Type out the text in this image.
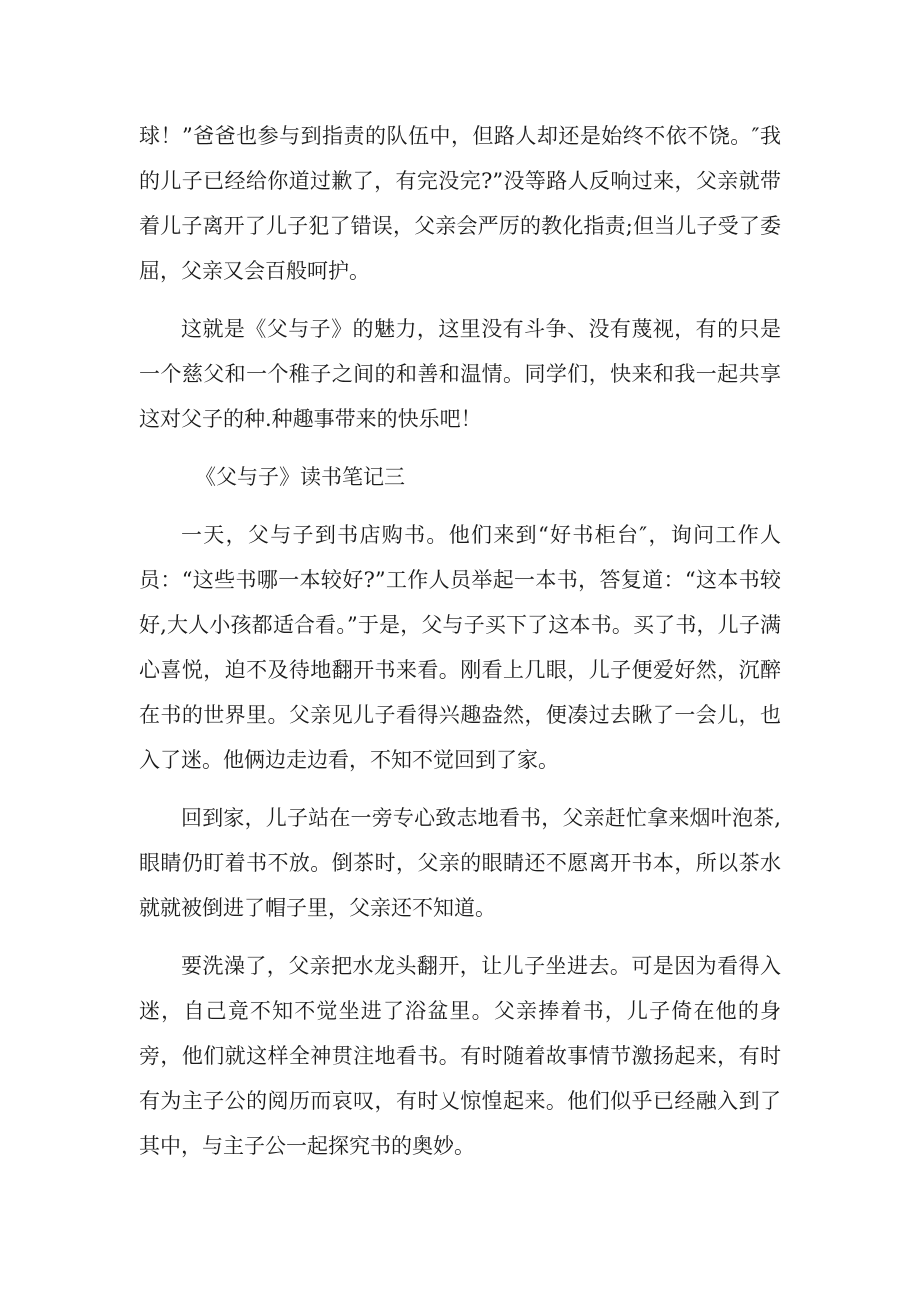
球！”爸爸也参与到指责的队伍中，但路人却还是始终不依不饶。″我的儿子已经给你道过歉了，有完没完?”没等路人反响过来，父亲就带着儿子离开了儿子犯了错误，父亲会严厉的教化指责;但当儿子受了委屈，父亲又会百般呵护。

这就是《父与子》的魅力，这里没有斗争、没有蔑视，有的只是一个慈父和一个稚子之间的和善和温情。同学们，快来和我一起共享这对父子的种.种趣事带来的快乐吧！

《父与子》读书笔记三

一天，父与子到书店购书。他们来到“好书柜台″，询问工作人员：“这些书哪一本较好?”工作人员举起一本书，答复道：“这本书较好,大人小孩都适合看。”于是，父与子买下了这本书。买了书，儿子满心喜悦，迫不及待地翻开书来看。刚看上几眼，儿子便爱好然，沉醉在书的世界里。父亲见儿子看得兴趣盎然，便凑过去瞅了一会儿，也入了迷。他俩边走边看，不知不觉回到了家。

回到家，儿子站在一旁专心致志地看书，父亲赶忙拿来烟叶泡茶,眼睛仍盯着书不放。倒茶时，父亲的眼睛还不愿离开书本，所以茶水就就被倒进了帽子里，父亲还不知道。

要洗澡了，父亲把水龙头翻开，让儿子坐进去。可是因为看得入迷，自己竟不知不觉坐进了浴盆里。父亲捧着书，儿子倚在他的身旁，他们就这样全神贯注地看书。有时随着故事情节激扬起来，有时有为主子公的阅历而哀叹，有时乂惊惶起来。他们似乎已经融入到了其中，与主子公一起探究书的奥妙。
